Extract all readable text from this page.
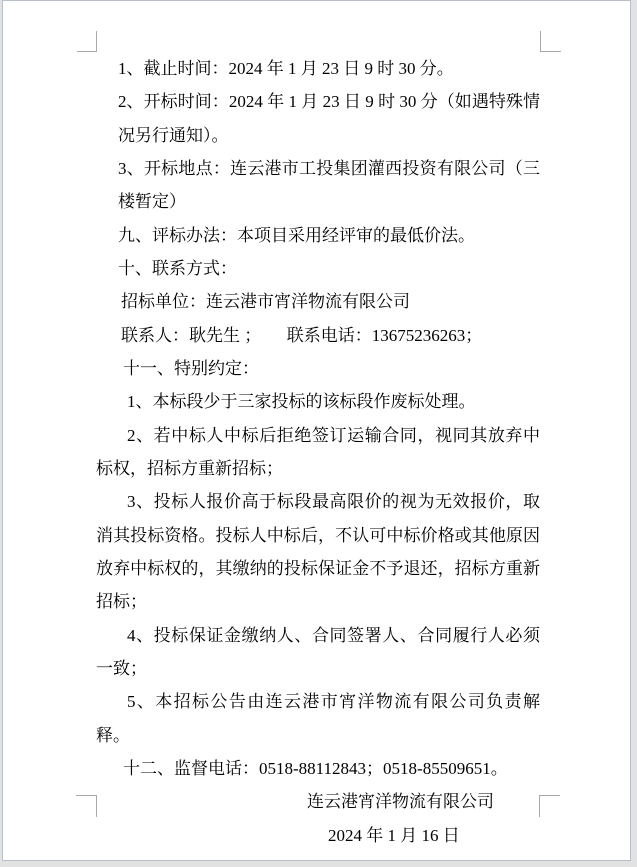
1、截止时间：2024 年 1 月 23 日 9 时 30 分。

2、开标时间：2024 年 1 月 23 日 9 时 30 分（如遇特殊情况另行通知）。

3、开标地点：连云港市工投集团灌西投资有限公司（三楼暂定）

九、评标办法：本项目采用经评审的最低价法。

十、联系方式：

招标单位：连云港市宵洋物流有限公司

联系人：耿先生 ；　　联系电话：13675236263；

十一、特别约定：

1、本标段少于三家投标的该标段作废标处理。

2、若中标人中标后拒绝签订运输合同，视同其放弃中标权，招标方重新招标；

3、投标人报价高于标段最高限价的视为无效报价，取消其投标资格。投标人中标后，不认可中标价格或其他原因放弃中标权的，其缴纳的投标保证金不予退还，招标方重新招标；

4、投标保证金缴纳人、合同签署人、合同履行人必须一致；

5、本招标公告由连云港市宵洋物流有限公司负责解释。

十二、监督电话：0518-88112843；0518-85509651。

连云港宵洋物流有限公司

2024 年 1 月 16 日
